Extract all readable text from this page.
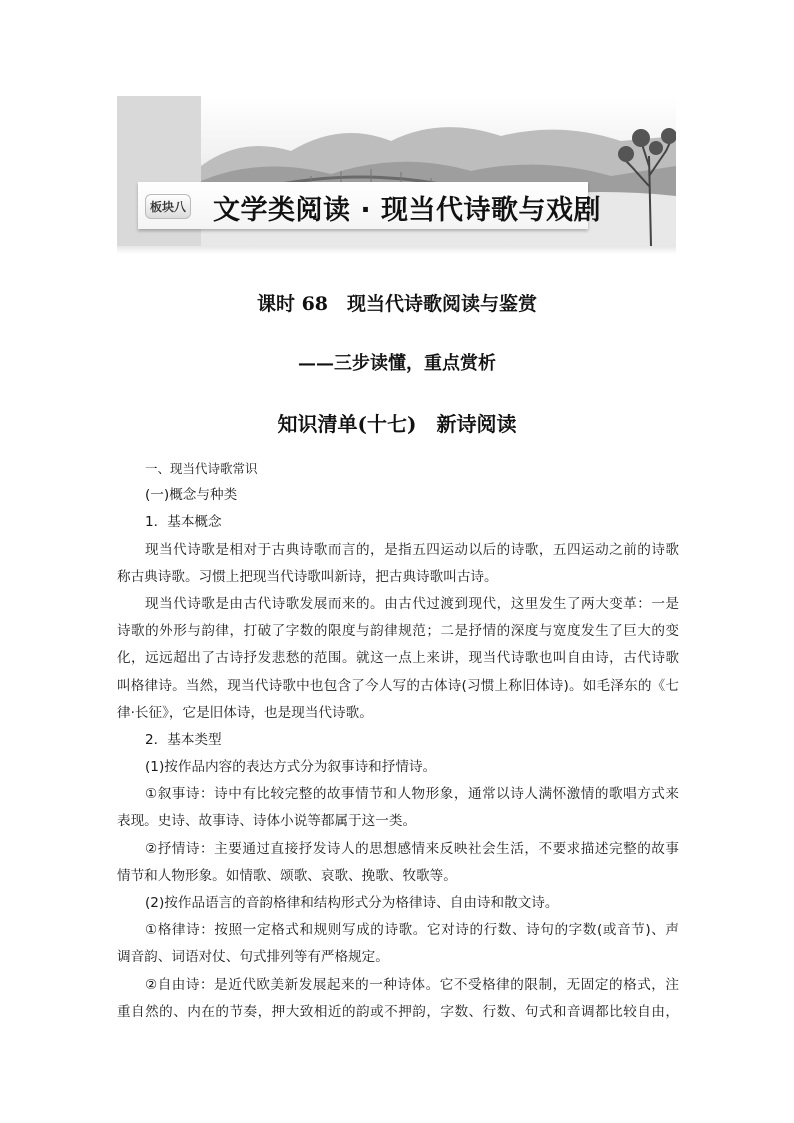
板块八 文学类阅读 · 现当代诗歌与戏剧
课时 68　现当代诗歌阅读与鉴赏
——三步读懂，重点赏析
知识清单(十七)　新诗阅读
一、现当代诗歌常识
(一)概念与种类
1．基本概念
现当代诗歌是相对于古典诗歌而言的，是指五四运动以后的诗歌，五四运动之前的诗歌
称古典诗歌。习惯上把现当代诗歌叫新诗，把古典诗歌叫古诗。
现当代诗歌是由古代诗歌发展而来的。由古代过渡到现代，这里发生了两大变革：一是
诗歌的外形与韵律，打破了字数的限度与韵律规范；二是抒情的深度与宽度发生了巨大的变
化，远远超出了古诗抒发悲愁的范围。就这一点上来讲，现当代诗歌也叫自由诗，古代诗歌
叫格律诗。当然，现当代诗歌中也包含了今人写的古体诗(习惯上称旧体诗)。如毛泽东的《七
律·长征》，它是旧体诗，也是现当代诗歌。
2．基本类型
(1)按作品内容的表达方式分为叙事诗和抒情诗。
①叙事诗：诗中有比较完整的故事情节和人物形象，通常以诗人满怀激情的歌唱方式来
表现。史诗、故事诗、诗体小说等都属于这一类。
②抒情诗：主要通过直接抒发诗人的思想感情来反映社会生活，不要求描述完整的故事
情节和人物形象。如情歌、颂歌、哀歌、挽歌、牧歌等。
(2)按作品语言的音韵格律和结构形式分为格律诗、自由诗和散文诗。
①格律诗：按照一定格式和规则写成的诗歌。它对诗的行数、诗句的字数(或音节)、声
调音韵、词语对仗、句式排列等有严格规定。
②自由诗：是近代欧美新发展起来的一种诗体。它不受格律的限制，无固定的格式，注
重自然的、内在的节奏，押大致相近的韵或不押韵，字数、行数、句式和音调都比较自由，
